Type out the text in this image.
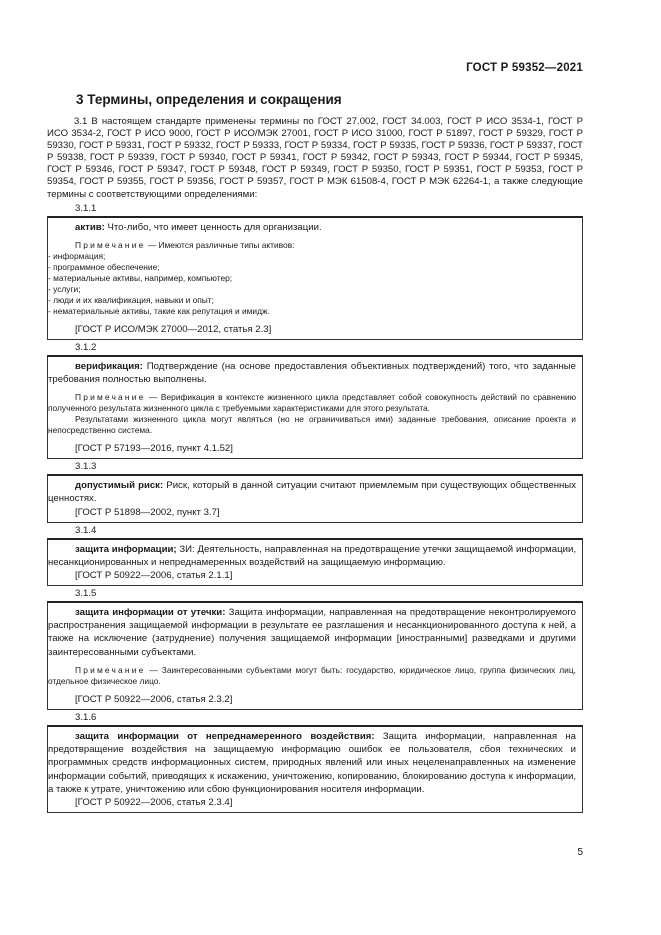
ГОСТ Р 59352—2021
3 Термины, определения и сокращения

3.1 В настоящем стандарте применены термины по ГОСТ 27.002, ГОСТ 34.003, ГОСТ Р ИСО 3534-1, ГОСТ Р ИСО 3534-2, ГОСТ Р ИСО 9000, ГОСТ Р ИСО/МЭК 27001, ГОСТ Р ИСО 31000, ГОСТ Р 51897, ГОСТ Р 59329, ГОСТ Р 59330, ГОСТ Р 59331, ГОСТ Р 59332, ГОСТ Р 59333, ГОСТ Р 59334, ГОСТ Р 59335, ГОСТ Р 59336, ГОСТ Р 59337, ГОСТ Р 59338, ГОСТ Р 59339, ГОСТ Р 59340, ГОСТ Р 59341, ГОСТ Р 59342, ГОСТ Р 59343, ГОСТ Р 59344, ГОСТ Р 59345, ГОСТ Р 59346, ГОСТ Р 59347, ГОСТ Р 59348, ГОСТ Р 59349, ГОСТ Р 59350, ГОСТ Р 59351, ГОСТ Р 59353, ГОСТ Р 59354, ГОСТ Р 59355, ГОСТ Р 59356, ГОСТ Р 59357, ГОСТ Р МЭК 61508-4, ГОСТ Р МЭК 62264-1, а также следующие термины с соответствующими определениями:

3.1.1

актив: Что-либо, что имеет ценность для организации.

Примечание — Имеются различные типы активов:

- информация;
- программное обеспечение;
- материальные активы, например, компьютер;
- услуги;
- люди и их квалификация, навыки и опыт;
- нематериальные активы, такие как репутация и имидж.

[ГОСТ Р ИСО/МЭК 27000—2012, статья 2.3]

3.1.2

верификация: Подтверждение (на основе предоставления объективных подтверждений) того, что заданные требования полностью выполнены.

Примечание — Верификация в контексте жизненного цикла представляет собой совокупность действий по сравнению полученного результата жизненного цикла с требуемыми характеристиками для этого результата.

Результатами жизненного цикла могут являться (но не ограничиваться ими) заданные требования, описание проекта и непосредственно система.

[ГОСТ Р 57193—2016, пункт 4.1.52]

3.1.3

допустимый риск: Риск, который в данной ситуации считают приемлемым при существующих общественных ценностях.

[ГОСТ Р 51898—2002, пункт 3.7]

3.1.4

защита информации; ЗИ: Деятельность, направленная на предотвращение утечки защищаемой информации, несанкционированных и непреднамеренных воздействий на защищаемую информацию.

[ГОСТ Р 50922—2006, статья 2.1.1]

3.1.5

защита информации от утечки: Защита информации, направленная на предотвращение неконтролируемого распространения защищаемой информации в результате ее разглашения и несанкционированного доступа к ней, а также на исключение (затруднение) получения защищаемой информации [иностранными] разведками и другими заинтересованными субъектами.

Примечание — Заинтересованными субъектами могут быть: государство, юридическое лицо, группа физических лиц, отдельное физическое лицо.

[ГОСТ Р 50922—2006, статья 2.3.2]

3.1.6

защита информации от непреднамеренного воздействия: Защита информации, направленная на предотвращение воздействия на защищаемую информацию ошибок ее пользователя, сбоя технических и программных средств информационных систем, природных явлений или иных нецеленаправленных на изменение информации событий, приводящих к искажению, уничтожению, копированию, блокированию доступа к информации, а также к утрате, уничтожению или сбою функционирования носителя информации.

[ГОСТ Р 50922—2006, статья 2.3.4]

5
